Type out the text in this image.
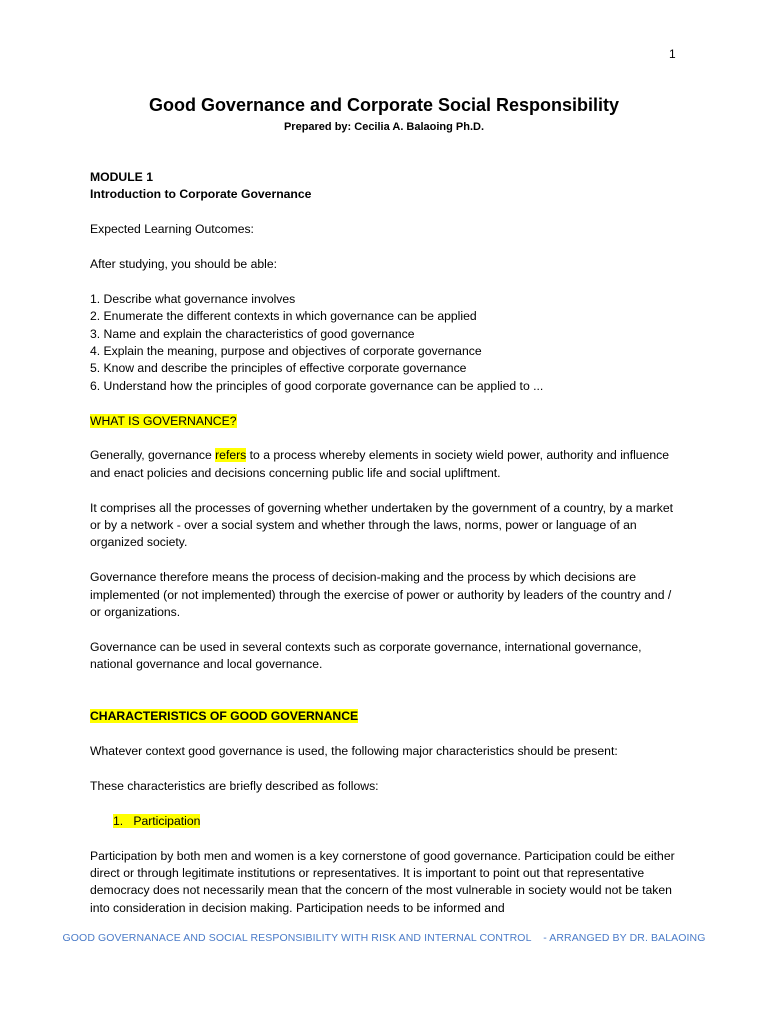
1
Good Governance and Corporate Social Responsibility
Prepared by: Cecilia A. Balaoing Ph.D.

MODULE 1

Introduction to Corporate Governance

Expected Learning Outcomes:

After studying, you should be able:

1. Describe what governance involves

2. Enumerate the different contexts in which governance can be applied

3. Name and explain the characteristics of good governance

4. Explain the meaning, purpose and objectives of corporate governance

5. Know and describe the principles of effective corporate governance

6. Understand how the principles of good corporate governance can be applied to ...

WHAT IS GOVERNANCE?

Generally, governance refers to a process whereby elements in society wield power, authority and influence and enact policies and decisions concerning public life and social upliftment.

It comprises all the processes of governing whether undertaken by the government of a country, by a market or by a network - over a social system and whether through the laws, norms, power or language of an organized society.

Governance therefore means the process of decision-making and the process by which decisions are implemented (or not implemented) through the exercise of power or authority by leaders of the country and / or organizations.

Governance can be used in several contexts such as corporate governance, international governance, national governance and local governance.

CHARACTERISTICS OF GOOD GOVERNANCE

Whatever context good governance is used, the following major characteristics should be present:

These characteristics are briefly described as follows:

1.   Participation

Participation by both men and women is a key cornerstone of good governance. Participation could be either direct or through legitimate institutions or representatives. It is important to point out that representative democracy does not necessarily mean that the concern of the most vulnerable in society would not be taken into consideration in decision making. Participation needs to be informed and

GOOD GOVERNANACE AND SOCIAL RESPONSIBILITY WITH RISK AND INTERNAL CONTROL    - ARRANGED BY DR. BALAOING
